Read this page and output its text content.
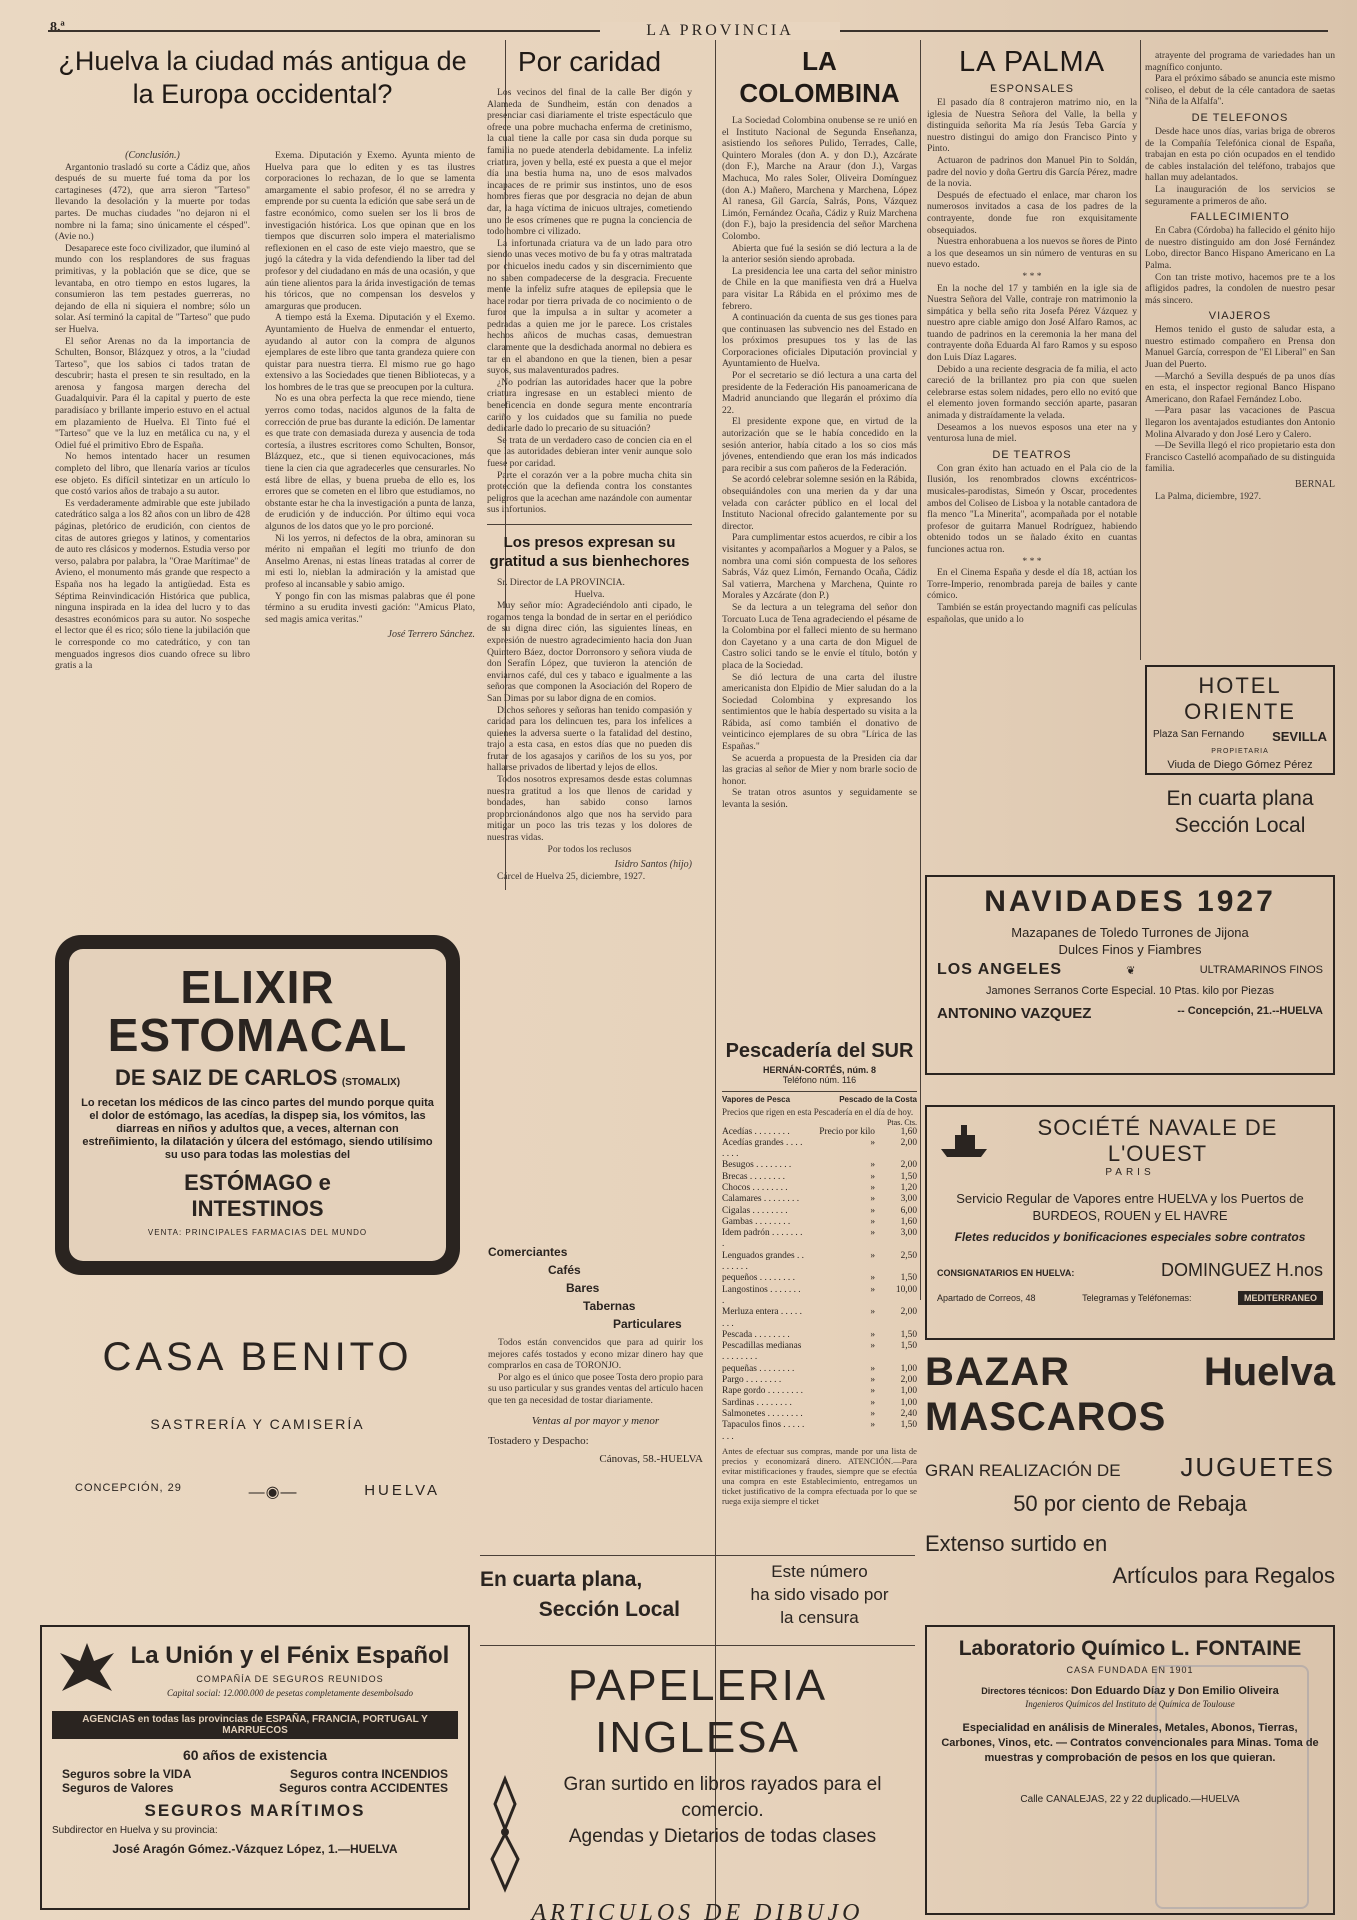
8.ª	LA PROVINCIA
¿Huelva la ciudad más antigua de la Europa occidental?
(Conclusión.)

Argantonio trasladó su corte a Cádiz que, años después de su muerte fué toma da por los cartagineses (472), que arra sieron "Tarteso" llevando la desolación y la muerte por todas partes. De muchas ciudades "no dejaron ni el nombre ni la fama; sino únicamente el césped". (Avie no.)

Desaparece este foco civilizador, que iluminó al mundo con los resplandores de sus fraguas primitivas, y la población que se dice, que se levantaba, en otro tiempo en estos lugares, la consumieron las tem pestades guerreras, no dejando de ella ni siquiera el nombre; sólo un solar. Así terminó la capital de "Tarteso" que pudo ser Huelva.

El señor Arenas no da la importancia de Schulten, Bonsor, Blázquez y otros, a la "ciudad Tarteso", que los sabios ci tados tratan de descubrir; hasta el presen te sin resultado, en la arenosa y fangosa margen derecha del Guadalquivir. Para él la capital y puerto de este paradisíaco y brillante imperio estuvo en el actual em plazamiento de Huelva. El Tinto fué el "Tarteso" que ve la luz en metálica cu na, y el Odiel fué el primitivo Ebro de España.

No hemos intentado hacer un resumen completo del libro, que llenaría varios ar tículos ese objeto. Es difícil sintetizar en un artículo lo que costó varios años de trabajo a su autor.

Es verdaderamente admirable que este jubilado catedrático salga a los 82 años con un libro de 428 páginas, pletórico de erudición, con cientos de citas de autores griegos y latinos, y comentarios de auto res clásicos y modernos. Estudia verso por verso, palabra por palabra, la "Orae Marítimae" de Avieno, el monumento más grande que respecto a España nos ha legado la antigüedad. Esta es Séptima Reinvindicación Histórica que publica, ninguna inspirada en la idea del lucro y to das desastres económicos para su autor. No sospeche el lector que él es rico; sólo tiene la jubilación que le corresponde co mo catedrático, y con tan menguados ingresos dios cuando ofrece su libro gratis a la

Exema. Diputación y Exemo. Ayunta miento de Huelva para que lo editen y es tas ilustres corporaciones lo rechazan, de lo que se lamenta amargamente el sabio profesor, él no se arredra y emprende por su cuenta la edición que sabe será un de fastre económico, como suelen ser los li bros de investigación histórica. Los que opinan que en los tiempos que discurren solo impera el materialismo reflexionen en el caso de este viejo maestro, que se jugó la cátedra y la vida defendiendo la liber tad del profesor y del ciudadano en más de una ocasión, y que aún tiene alientos para la árida investigación de temas his tóricos, que no compensan los desvelos y amarguras que producen.

A tiempo está la Exema. Diputación y el Exemo. Ayuntamiento de Huelva de enmendar el entuerto, ayudando al autor con la compra de algunos ejemplares de este libro que tanta grandeza quiere con quistar para nuestra tierra. El mismo rue go hago extensivo a las Sociedades que tienen Bibliotecas, y a los hombres de le tras que se preocupen por la cultura.

No es una obra perfecta la que rece miendo, tiene yerros como todas, nacidos algunos de la falta de corrección de prue bas durante la edición. De lamentar es que trate con demasiada dureza y ausencia de toda cortesía, a ilustres escritores como Schulten, Bonsor, Blázquez, etc., que si tienen equivocaciones, más tiene la cien cia que agradecerles que censurarles. No está libre de ellas, y buena prueba de ello es, los errores que se cometen en el libro que estudiamos, no obstante estar he cha la investigación a punta de lanza, de erudición y de inducción. Por último equi voca algunos de los datos que yo le pro porcioné.

Ni los yerros, ni defectos de la obra, aminoran su mérito ni empañan el legíti mo triunfo de don Anselmo Arenas, ni estas líneas tratadas al correr de mi esti lo, nieblan la admiración y la amistad que profeso al incansable y sabio amigo.

Y pongo fin con las mismas palabras que él pone término a su erudita investi gación: "Amicus Plato, sed magis amica veritas."

José Terrero Sánchez.
Por caridad

Los vecinos del final de la calle Ber digón y Alameda de Sundheim, están con denados a presenciar casi diariamente el triste espectáculo que ofrece una pobre muchacha enferma de cretinismo, la cual tiene la calle por casa sin duda porque su familia no puede atenderla debidamente. La infeliz criatura, joven y bella, esté ex puesta a que el mejor día una bestia huma na, uno de esos malvados incapaces de re primir sus instintos, uno de esos hombres fieras que por desgracia no dejan de abun dar, la haga víctima de inicuos ultrajes, cometiendo uno de esos crímenes que re pugna la conciencia de todo hombre ci vilizado.

La infortunada criatura va de un lado para otro siendo unas veces motivo de bu fa y otras maltratada por chicuelos inedu cados y sin discernimiento que no saben compadecerse de la desgracia. Frecuente mente la infeliz sufre ataques de epilepsia que le hace rodar por tierra privada de co nocimiento o de furor que la impulsa a in sultar y acometer a pedradas a quien me jor le parece. Los cristales hechos añicos de muchas casas, demuestran claramente que la desdichada anormal no debiera es tar en el abandono en que la tienen, bien a pesar suyos, sus malaventurados padres.

¿No podrían las autoridades hacer que la pobre criatura ingresase en un estableci miento de beneficencia en donde segura mente encontraría cariño y los cuidados que su familia no puede dedicarle dado lo precario de su situación?

Se trata de un verdadero caso de concien cia en el que las autoridades debieran inter venir aunque solo fuese por caridad.

Parte el corazón ver a la pobre mucha chita sin protección que la defienda contra los constantes peligros que la acechan ame nazándole con aumentar sus infortunios.

Los presos expresan su gratitud a sus bienhechores

Sr. Director de LA PROVINCIA.

Huelva.

Muy señor mío: Agradeciéndolo anti cipado, le rogamos tenga la bondad de in sertar en el periódico de su digna direc ción, las siguientes líneas, en expresión de nuestro agradecimiento hacia don Juan Quintero Báez, doctor Dorronsoro y señora viuda de don Serafín López, que tuvieron la atención de enviarnos café, dul ces y tabaco e igualmente a las señoras que componen la Asociación del Ropero de San Dimas por su labor digna de en comios.

Dichos señores y señoras han tenido compasión y caridad para los delincuen tes, para los infelices a quienes la adversa suerte o la fatalidad del destino, trajo a esta casa, en estos días que no pueden dis frutar de los agasajos y cariños de los su yos, por hallarse privados de libertad y lejos de ellos.

Todos nosotros expresamos desde estas columnas nuestra gratitud a los que llenos de caridad y bondades, han sabido conso larnos proporcionándonos algo que nos ha servido para mitigar un poco las tris tezas y los dolores de nuestras vidas.

Por todos los reclusos
Isidro Santos (hijo)

Cárcel de Huelva 25, diciembre, 1927.

LA COLOMBINA

La Sociedad Colombina onubense se re unió en el Instituto Nacional de Segunda Enseñanza, asistiendo los señores Pulido, Terrades, Calle, Quintero Morales (don A. y don D.), Azcárate (don F.), Marche na Araur (don J.), Vargas Machuca, Mo rales Soler, Oliveira Domínguez (don A.) Mañero, Marchena y Marchena, López Al ranesa, Gil García, Salrás, Pons, Vázquez Limón, Fernández Ocaña, Cádiz y Ruiz Marchena (don F.), bajo la presidencia del señor Marchena Colombo.

Abierta que fué la sesión se dió lectura a la de la anterior sesión siendo aprobada.

La presidencia lee una carta del señor ministro de Chile en la que manifiesta ven drá a Huelva para visitar La Rábida en el próximo mes de febrero.

A continuación da cuenta de sus ges tiones para que continuasen las subvencio nes del Estado en los próximos presupues tos y las de las Corporaciones oficiales Diputación provincial y Ayuntamiento de Huelva.

Por el secretario se dió lectura a una carta del presidente de la Federación His panoamericana de Madrid anunciando que llegarán el próximo día 22.

El presidente expone que, en virtud de la autorización que se le había concedido en la sesión anterior, había citado a los so cios más jóvenes, entendiendo que eran los más indicados para recibir a sus com pañeros de la Federación.

Se acordó celebrar solemne sesión en la Rábida, obsequiándoles con una merien da y dar una velada con carácter público en el local del Instituto Nacional ofrecido galantemente por su director.

Para cumplimentar estos acuerdos, re cibir a los visitantes y acompañarlos a Moguer y a Palos, se nombra una comi sión compuesta de los señores Sabrás, Váz quez Limón, Fernando Ocaña, Cádiz Sal vatierra, Marchena y Marchena, Quinte ro Morales y Azcárate (don P.)

Se da lectura a un telegrama del señor don Torcuato Luca de Tena agradeciendo el pésame de la Colombina por el falleci miento de su hermano don Cayetano y a una carta de don Miguel de Castro solici tando se le envíe el título, botón y placa de la Sociedad.

Se dió lectura de una carta del ilustre americanista don Elpidio de Mier saludan do a la Sociedad Colombina y expresando los sentimientos que le había despertado su visita a la Rábida, así como también el donativo de veinticinco ejemplares de su obra "Lírica de las Españas."

Se acuerda a propuesta de la Presiden cia dar las gracias al señor de Mier y nom brarle socio de honor.

Se tratan otros asuntos y seguidamente se levanta la sesión.

LA PALMA
ESPONSALES

El pasado día 8 contrajeron matrimo nio, en la iglesia de Nuestra Señora del Valle, la bella y distinguida señorita Ma ría Jesús Teba García y nuestro distingui do amigo don Francisco Pinto y Pinto.

Actuaron de padrinos don Manuel Pin to Soldán, padre del novio y doña Gertru dis García Pérez, madre de la novia.

Después de efectuado el enlace, mar charon los numerosos invitados a casa de los padres de la contrayente, donde fue ron exquisitamente obsequiados.

Nuestra enhorabuena a los nuevos se ñores de Pinto a los que deseamos un sin número de venturas en su nuevo estado.

* * *

En la noche del 17 y también en la igle sia de Nuestra Señora del Valle, contraje ron matrimonio la simpática y bella seño rita Josefa Pérez Vázquez y nuestro apre ciable amigo don José Alfaro Ramos, ac tuando de padrinos en la ceremonia la her mana del contrayente doña Eduarda Al faro Ramos y su esposo don Luis Díaz Lagares.

Debido a una reciente desgracia de fa milia, el acto careció de la brillantez pro pia con que suelen celebrarse estas solem nidades, pero ello no evitó que el elemento joven formando sección aparte, pasaran animada y distraídamente la velada.

Deseamos a los nuevos esposos una eter na y venturosa luna de miel.

DE TEATROS

Con gran éxito han actuado en el Pala cio de la Ilusión, los renombrados clowns excéntricos-musicales-parodistas, Simeón y Oscar, procedentes ambos del Coliseo de Lisboa y la notable cantadora de fla menco "La Minerita", acompañada por el notable profesor de guitarra Manuel Rodríguez, habiendo obtenido todos un se ñalado éxito en cuantas funciones actua ron.

* * *

En el Cinema España y desde el día 18, actúan los Torre-Imperio, renombrada pareja de bailes y cante cómico.

También se están proyectando magnifi cas películas españolas, que unido a lo

atrayente del programa de variedades han un magnífico conjunto.

Para el próximo sábado se anuncia este mismo coliseo, el debut de la céle cantadora de saetas "Niña de la Alfalfa".

DE TELEFONOS

Desde hace unos días, varias briga de obreros de la Compañía Telefónica cional de España, trabajan en esta po ción ocupados en el tendido de cables instalación del teléfono, trabajos que hallan muy adelantados.

La inauguración de los servicios se seguramente a primeros de año.

FALLECIMIENTO

En Cabra (Córdoba) ha fallecido el génito hijo de nuestro distinguido am don José Fernández Lobo, director Banco Hispano Americano en La Palma.

Con tan triste motivo, hacemos pre te a los afligidos padres, la condolen de nuestro pesar más sincero.

VIAJEROS

Hemos tenido el gusto de saludar esta, a nuestro estimado compañero en Prensa don Manuel García, correspon de "El Liberal" en San Juan del Puerto.

—Marchó a Sevilla después de pa unos días en esta, el inspector regional Banco Hispano Americano, don Rafael Fernández Lobo.

—Para pasar las vacaciones de Pascua llegaron los aventajados estudiantes don Antonio Molina Alvarado y don José Lero y Calero.

—De Sevilla llegó el rico propietario esta don Francisco Castelló acompañado de su distinguida familia.

BERNAL

La Palma, diciembre, 1927.

HOTEL ORIENTE
Plaza San Fernando SEVILLA
PROPIETARIA
Viuda de Diego Gómez Pérez
En cuarta plana
Sección Local
ELIXIR ESTOMACAL
DE SAIZ DE CARLOS (STOMALIX)
Lo recetan los médicos de las cinco partes del mundo porque quita el dolor de estómago, las acedías, la dispep sia, los vómitos, las diarreas en niños y adultos que, a veces, alternan con estreñimiento, la dilatación y úlcera del estómago, siendo utilísimo su uso para todas las molestias del
ESTÓMAGO e
INTESTINOS
VENTA: PRINCIPALES FARMACIAS DEL MUNDO
CASA BENITO
SASTRERÍA Y CAMISERÍA
CONCEPCIÓN, 29	―◉―	HUELVA
La Unión y el Fénix Español
COMPAÑÍA DE SEGUROS REUNIDOS
Capital social: 12.000.000 de pesetas completamente desembolsado
AGENCIAS en todas las provincias de ESPAÑA, FRANCIA, PORTUGAL Y MARRUECOS
60 años de existencia
Seguros sobre la VIDA	Seguros contra INCENDIOS
Seguros de Valores	Seguros contra ACCIDENTES
SEGUROS MARÍTIMOS
Subdirector en Huelva y su provincia:
José Aragón Gómez.-Vázquez López, 1.—HUELVA
Comerciantes
Cafés
Bares
Tabernas
Particulares

Todos están convencidos que para ad quirir los mejores cafés tostados y econo mizar dinero hay que comprarlos en casa de TORONJO.

Por algo es el único que posee Tosta dero propio para su uso particular y sus grandes ventas del artículo hacen que ten ga necesidad de tostar diariamente.

Ventas al por mayor y menor
Tostadero y Despacho:
Cánovas, 58.-HUELVA
En cuarta plana,
Sección Local
Este número
ha sido visado por
la censura
Pescadería del SUR
HERNÁN-CORTÉS, núm. 8
Teléfono núm. 116
Vapores de Pesca	Pescado de la Costa
Precios que rigen en esta Pescadería en el día de hoy.
Ptas. Cts.
Acedías . . . . . . . .	Precio por kilo	1,60
Acedías grandes . . . . . . . .
»	2,00
Besugos . . . . . . . .	»	2,00
Brecas . . . . . . . .	»	1,50
Chocos . . . . . . . .	»	1,20
Calamares . . . . . . . .	»	3,00
Cigalas . . . . . . . .	»	6,00
Gambas . . . . . . . .	»	1,60
Idem padrón . . . . . . . .
»	3,00
Lenguados grandes . . . . . . . .
»	2,50
pequeños . . . . . . . .	»	1,50
Langostinos . . . . . . . .
»	10,00
Merluza entera . . . . . . . .
»	2,00
Pescada . . . . . . . .	»	1,50
Pescadillas medianas . . . . . . . .
»	1,50
pequeñas . . . . . . . .	»	1,00
Pargo . . . . . . . .	»	2,00
Rape gordo . . . . . . . .	»	1,00
Sardinas . . . . . . . .	»	1,00
Salmonetes . . . . . . . .	»	2,40
Tapaculos finos . . . . . . . .
»	1,50
Antes de efectuar sus compras, mande por una lista de precios y economizará dinero. ATENCIÓN.—Para evitar mistificaciones y fraudes, siempre que se efectúa una compra en este Establecimiento, entregamos un ticket justificativo de la compra efectuada por lo que se ruega exija siempre el ticket
NAVIDADES 1927
Mazapanes de Toledo Turrones de Jijona
Dulces Finos y Fiambres
LOS ANGELES	❦	ULTRAMARINOS FINOS
Jamones Serranos Corte Especial. 10 Ptas. kilo por Piezas
ANTONINO VAZQUEZ	-- Concepción, 21.--HUELVA
SOCIÉTÉ NAVALE DE L'OUEST
PARIS
Servicio Regular de Vapores entre HUELVA y los Puertos de BURDEOS, ROUEN y EL HAVRE
Fletes reducidos y bonificaciones especiales sobre contratos
CONSIGNATARIOS EN HUELVA:	DOMINGUEZ H.nos
Apartado de Correos, 48	Telegramas y Teléfonemas:	MEDITERRANEO
BAZAR MASCAROS
Huelva
GRAN REALIZACIÓN DE JUGUETES
50 por ciento de Rebaja
Extenso surtido en
Artículos para Regalos
PAPELERIA INGLESA
Gran surtido en libros rayados para el
comercio.
Agendas y Dietarios de todas clases
ARTICULOS DE DIBUJO
Laboratorio Químico L. FONTAINE
CASA FUNDADA EN 1901
Directores técnicos: Don Eduardo Díaz y Don Emilio Oliveira
Ingenieros Químicos del Instituto de Química de Toulouse
Especialidad en análisis de Minerales, Metales, Abonos, Tierras, Carbones, Vinos, etc. — Contratos convencionales para Minas. Toma de muestras y comprobación de pesos en los que quieran.
Calle CANALEJAS, 22 y 22 duplicado.—HUELVA
